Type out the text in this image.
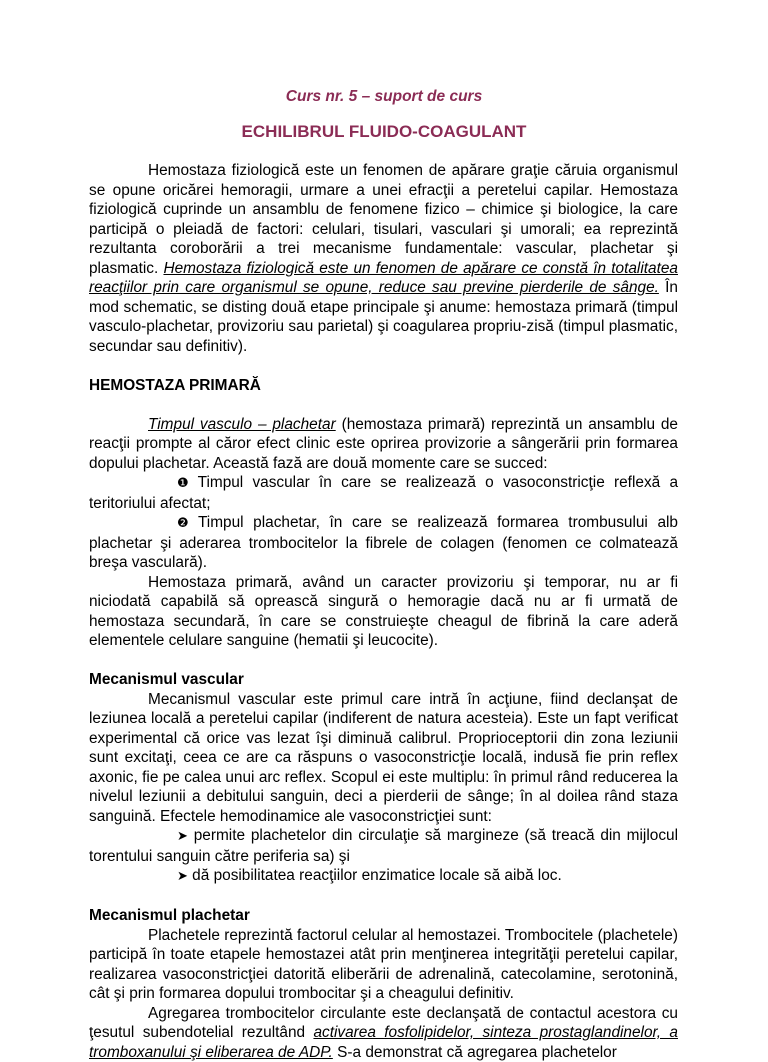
Curs nr. 5 – suport de curs
ECHILIBRUL FLUIDO-COAGULANT

Hemostaza fiziologică este un fenomen de apărare graţie căruia organismul se opune oricărei hemoragii, urmare a unei efracţii a peretelui capilar. Hemostaza fiziologică cuprinde un ansamblu de fenomene fizico – chimice şi biologice, la care participă o pleiadă de factori: celulari, tisulari, vasculari şi umorali; ea reprezintă rezultanta coroborării a trei mecanisme fundamentale: vascular, plachetar şi plasmatic. Hemostaza fiziologică este un fenomen de apărare ce constă în totalitatea reacţiilor prin care organismul se opune, reduce sau previne pierderile de sânge. În mod schematic, se disting două etape principale şi anume: hemostaza primară (timpul vasculo-plachetar, provizoriu sau parietal) şi coagularea propriu-zisă (timpul plasmatic, secundar sau definitiv).

HEMOSTAZA PRIMARĂ

Timpul vasculo – plachetar (hemostaza primară) reprezintă un ansamblu de reacţii prompte al căror efect clinic este oprirea provizorie a sângerării prin formarea dopului plachetar. Această fază are două momente care se succed:

❶ Timpul vascular în care se realizează o vasoconstricţie reflexă a teritoriului afectat;

❷ Timpul plachetar, în care se realizează formarea trombusului alb plachetar şi aderarea trombocitelor la fibrele de colagen (fenomen ce colmatează breşa vasculară).

Hemostaza primară, având un caracter provizoriu şi temporar, nu ar fi niciodată capabilă să oprească singură o hemoragie dacă nu ar fi urmată de hemostaza secundară, în care se construieşte cheagul de fibrină la care aderă elementele celulare sanguine (hematii şi leucocite).

Mecanismul vascular

Mecanismul vascular este primul care intră în acţiune, fiind declanşat de leziunea locală a peretelui capilar (indiferent de natura acesteia). Este un fapt verificat experimental că orice vas lezat îşi diminuă calibrul. Proprioceptorii din zona leziunii sunt excitaţi, ceea ce are ca răspuns o vasoconstricţie locală, indusă fie prin reflex axonic, fie pe calea unui arc reflex. Scopul ei este multiplu: în primul rând reducerea la nivelul leziunii a debitului sanguin, deci a pierderii de sânge; în al doilea rând staza sanguină. Efectele hemodinamice ale vasoconstricţiei sunt:

➤ permite plachetelor din circulaţie să margineze (să treacă din mijlocul torentului sanguin către periferia sa) şi

➤ dă posibilitatea reacţiilor enzimatice locale să aibă loc.

Mecanismul plachetar

Plachetele reprezintă factorul celular al hemostazei. Trombocitele (plachetele) participă în toate etapele hemostazei atât prin menţinerea integrităţii peretelui capilar, realizarea vasoconstricţiei datorită eliberării de adrenalină, catecolamine, serotonină, cât şi prin formarea dopului trombocitar şi a cheagului definitiv.

Agregarea trombocitelor circulante este declanşată de contactul acestora cu ţesutul subendotelial rezultând activarea fosfolipidelor, sinteza prostaglandinelor, a tromboxanului şi eliberarea de ADP. S-a demonstrat că agregarea plachetelor
